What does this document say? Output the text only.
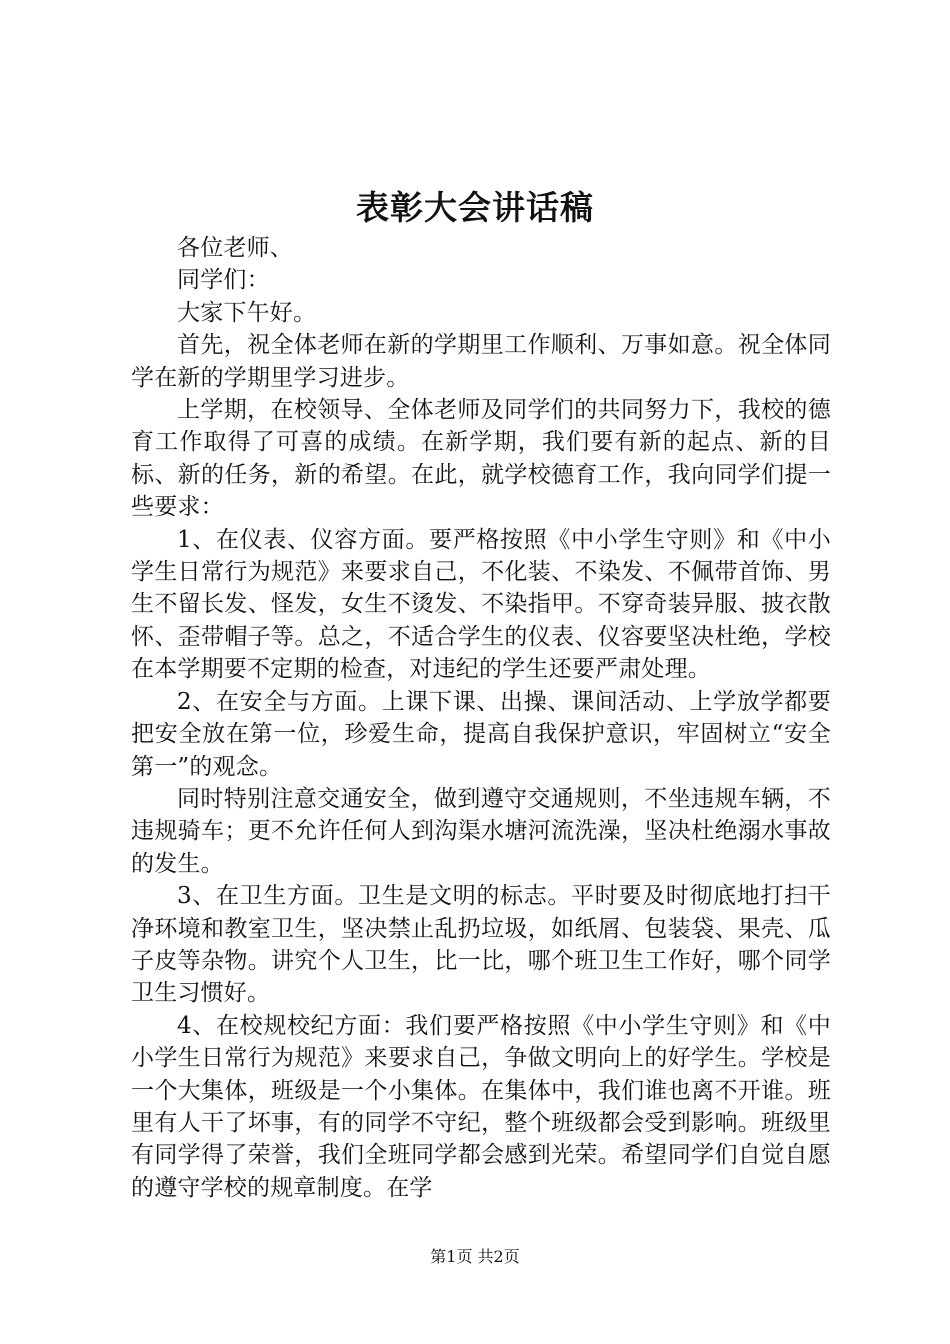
表彰大会讲话稿

各位老师、

同学们：

大家下午好。

首先，祝全体老师在新的学期里工作顺利、万事如意。祝全体同学在新的学期里学习进步。

上学期，在校领导、全体老师及同学们的共同努力下，我校的德育工作取得了可喜的成绩。在新学期，我们要有新的起点、新的目标、新的任务，新的希望。在此，就学校德育工作，我向同学们提一些要求：

1、在仪表、仪容方面。要严格按照《中小学生守则》和《中小学生日常行为规范》来要求自己，不化装、不染发、不佩带首饰、男生不留长发、怪发，女生不烫发、不染指甲。不穿奇装异服、披衣散怀、歪带帽子等。总之，不适合学生的仪表、仪容要坚决杜绝，学校在本学期要不定期的检查，对违纪的学生还要严肃处理。

2、在安全与方面。上课下课、出操、课间活动、上学放学都要把安全放在第一位，珍爱生命，提高自我保护意识，牢固树立“安全第一”的观念。

同时特别注意交通安全，做到遵守交通规则，不坐违规车辆，不违规骑车；更不允许任何人到沟渠水塘河流洗澡，坚决杜绝溺水事故的发生。

3、在卫生方面。卫生是文明的标志。平时要及时彻底地打扫干净环境和教室卫生，坚决禁止乱扔垃圾，如纸屑、包装袋、果壳、瓜子皮等杂物。讲究个人卫生，比一比，哪个班卫生工作好，哪个同学卫生习惯好。

4、在校规校纪方面：我们要严格按照《中小学生守则》和《中小学生日常行为规范》来要求自己，争做文明向上的好学生。学校是一个大集体，班级是一个小集体。在集体中，我们谁也离不开谁。班里有人干了坏事，有的同学不守纪，整个班级都会受到影响。班级里有同学得了荣誉，我们全班同学都会感到光荣。希望同学们自觉自愿的遵守学校的规章制度。在学

第1页 共2页
